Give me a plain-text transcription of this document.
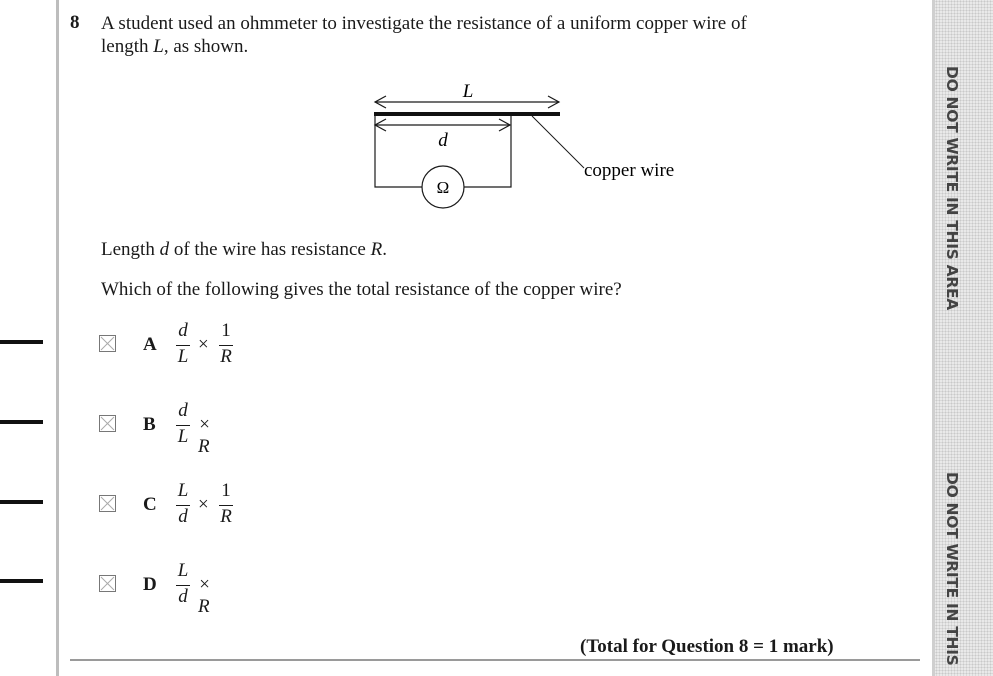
DO NOT WRITE IN THIS AREA
DO NOT WRITE IN THIS
8 A student used an ohmmeter to investigate the resistance of a uniform copper wire of
length L, as shown.
L
d
Ω
copper wire
Length d of the wire has resistance R.
Which of the following gives the total resistance of the copper wire?
A
d
L
×
1
R
B
d
L
× R
C
L
d
×
1
R
D
L
d
× R
(Total for Question 8 = 1 mark)
